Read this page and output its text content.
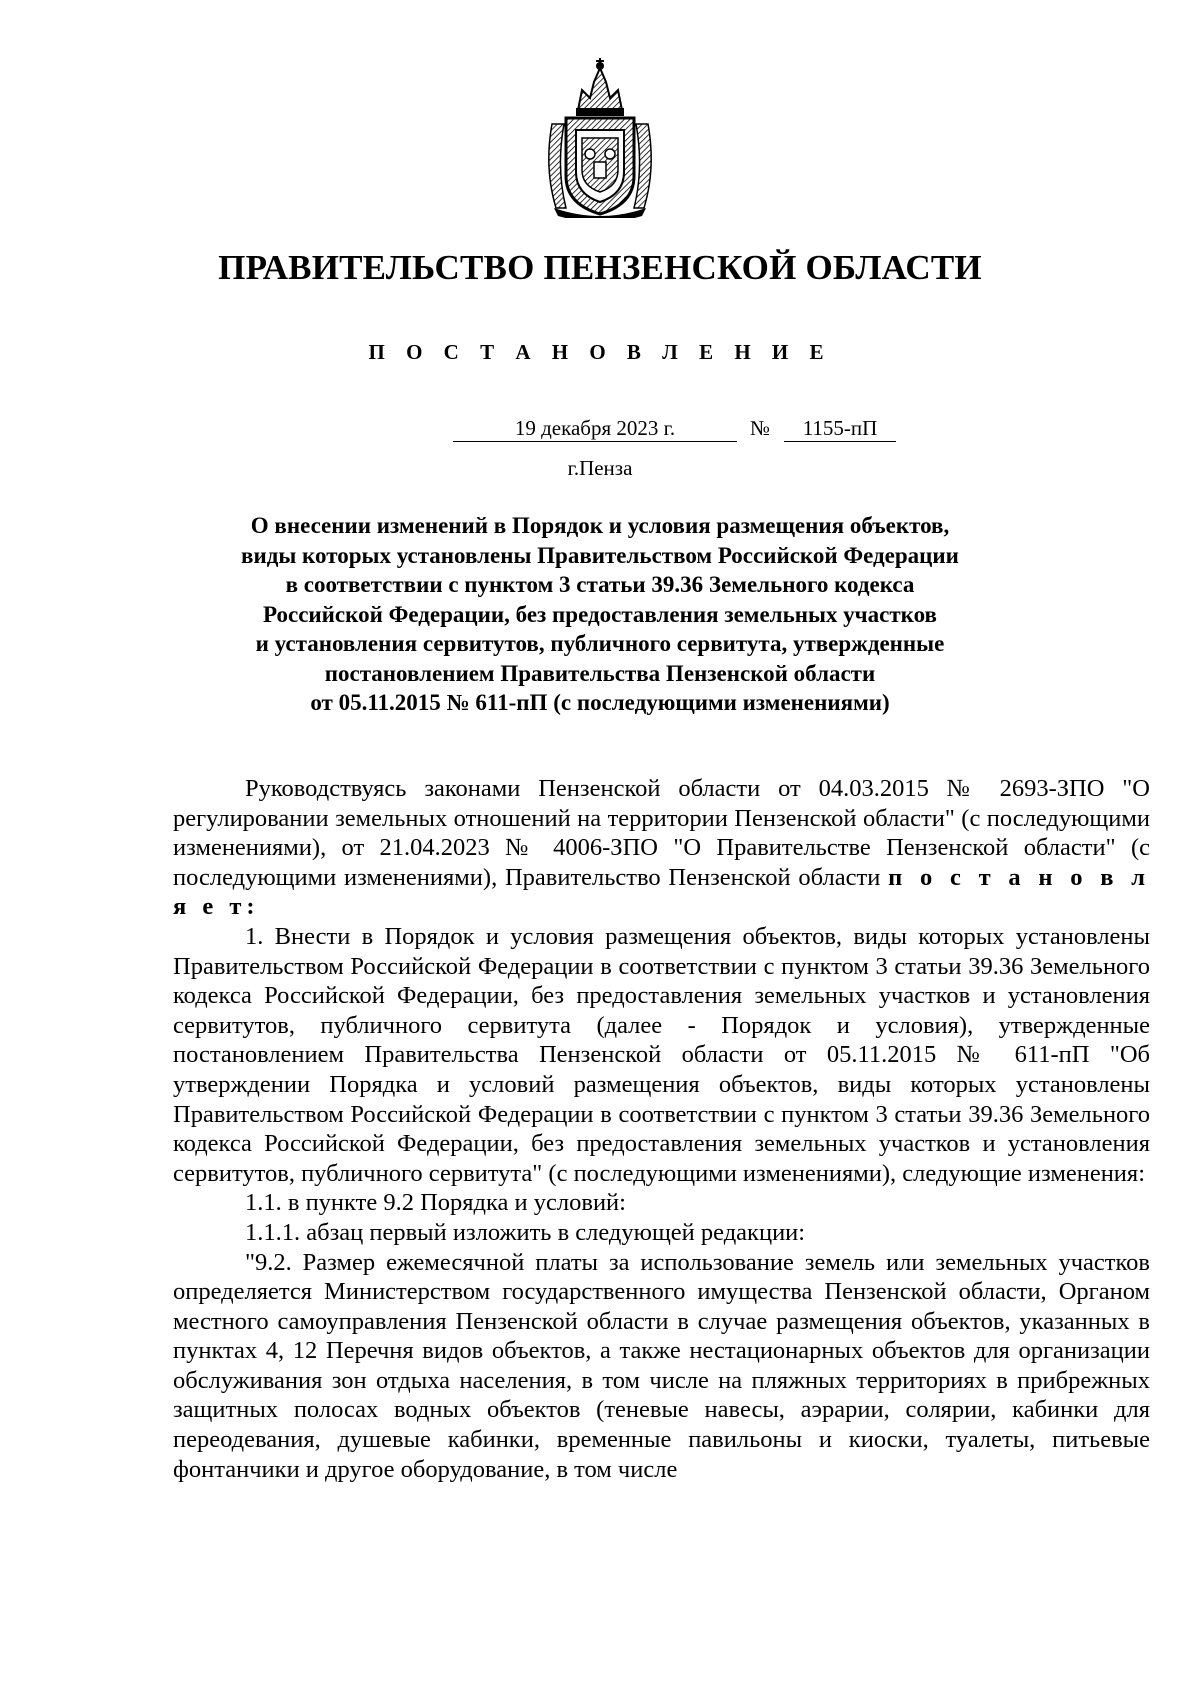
ПРАВИТЕЛЬСТВО ПЕНЗЕНСКОЙ ОБЛАСТИ
П О С Т А Н О В Л Е Н И Е
19 декабря 2023 г.	№	1155-пП
г.Пенза
О внесении изменений в Порядок и условия размещения объектов,
виды которых установлены Правительством Российской Федерации
в соответствии с пунктом 3 статьи 39.36 Земельного кодекса
Российской Федерации, без предоставления земельных участков
и установления сервитутов, публичного сервитута, утвержденные
постановлением Правительства Пензенской области
от 05.11.2015 № 611-пП (с последующими изменениями)

Руководствуясь законами Пензенской области от 04.03.2015 № 2693-ЗПО "О регулировании земельных отношений на территории Пензенской области" (с последующими изменениями), от 21.04.2023 № 4006-ЗПО "О Правительстве Пензенской области" (с последующими изменениями), Правительство Пензенской области п о с т а н о в л я е т:

1. Внести в Порядок и условия размещения объектов, виды которых установлены Правительством Российской Федерации в соответствии с пунктом 3 статьи 39.36 Земельного кодекса Российской Федерации, без предоставления земельных участков и установления сервитутов, публичного сервитута (далее - Порядок и условия), утвержденные постановлением Правительства Пензенской области от 05.11.2015 № 611-пП "Об утверждении Порядка и условий размещения объектов, виды которых установлены Правительством Российской Федерации в соответствии с пунктом 3 статьи 39.36 Земельного кодекса Российской Федерации, без предоставления земельных участков и установления сервитутов, публичного сервитута" (с последующими изменениями), следующие изменения:

1.1. в пункте 9.2 Порядка и условий:

1.1.1. абзац первый изложить в следующей редакции:

"9.2. Размер ежемесячной платы за использование земель или земельных участков определяется Министерством государственного имущества Пензенской области, Органом местного самоуправления Пензенской области в случае размещения объектов, указанных в пунктах 4, 12 Перечня видов объектов, а также нестационарных объектов для организации обслуживания зон отдыха населения, в том числе на пляжных территориях в прибрежных защитных полосах водных объектов (теневые навесы, аэрарии, солярии, кабинки для переодевания, душевые кабинки, временные павильоны и киоски, туалеты, питьевые фонтанчики и другое оборудование, в том числе
